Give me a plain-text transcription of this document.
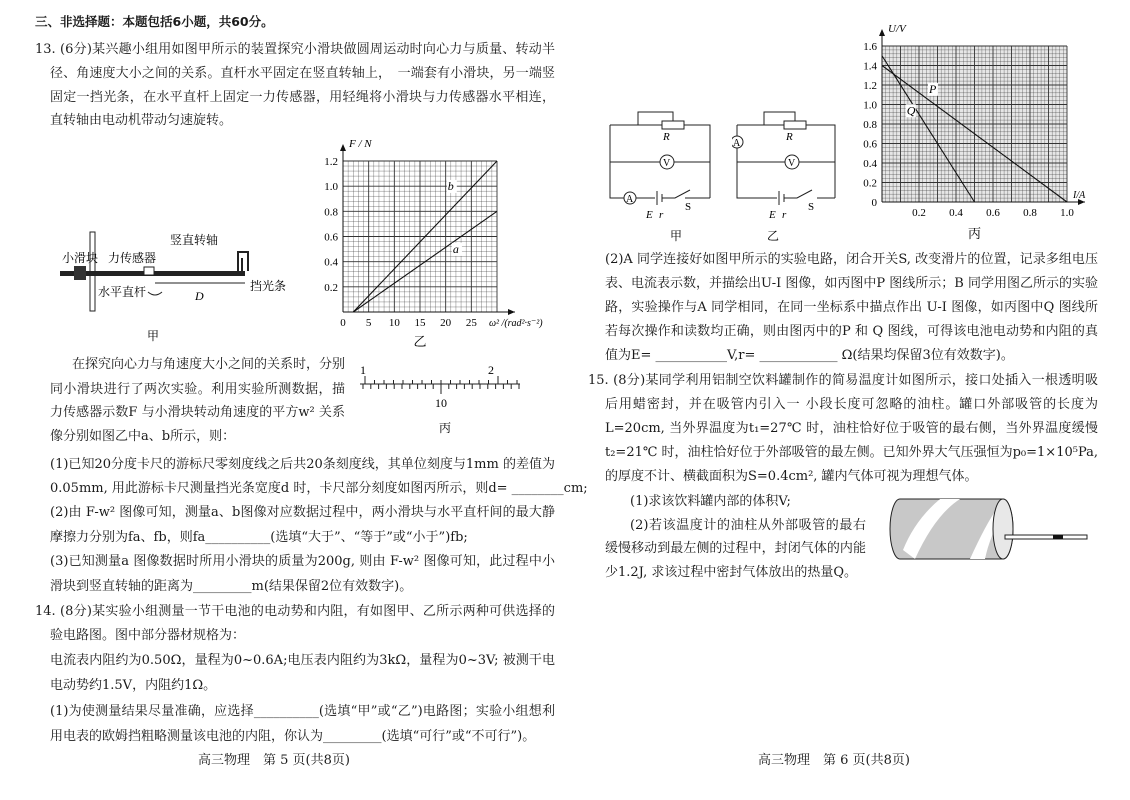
三、非选择题：本题包括6小题，共60分。
13. (6分)某兴趣小组用如图甲所示的装置探究小滑块做圆周运动时向心力与质量、转动半
径、角速度大小之间的关系。直杆水平固定在竖直转轴上，　一端套有小滑块，另一端竖
固定一挡光条，在水平直杆上固定一力传感器，用轻绳将小滑块与力传感器水平相连，
直转轴由电动机带动匀速旋转。
小滑块 力传感器
竖直转轴
挡光条
水平直杆	D
甲
b
a
0.2
0.4
0.6
0.8
1.0
1.2
0 5 10 15 20 25
F / N
ω² /(rad²·s⁻²)
乙
在探究向心力与角速度大小之间的关系时，分别
同小滑块进行了两次实验。利用实验所测数据，描
力传感器示数F 与小滑块转动角速度的平方w² 关系
像分别如图乙中a、b所示，则：
1	2
10
丙
(1)已知20分度卡尺的游标尺零刻度线之后共20条刻度线，其单位刻度与1mm 的差值为
0.05mm, 用此游标卡尺测量挡光条宽度d 时，卡尺部分刻度如图丙所示，则d= ________cm;
(2)由 F-w² 图像可知，测量a、b图像对应数据过程中，两小滑块与水平直杆间的最大静
摩擦力分别为fa、fb，则fa__________(选填“大于”、“等于”或“小于”)fb;
(3)已知测量a 图像数据时所用小滑块的质量为200g, 则由 F-w² 图像可知，此过程中小
滑块到竖直转轴的距离为_________m(结果保留2位有效数字)。
14. (8分)某实验小组测量一节干电池的电动势和内阻，有如图甲、乙所示两种可供选择的
验电路图。图中部分器材规格为：
电流表内阻约为0.50Ω，量程为0~0.6A;电压表内阻约为3kΩ，量程为0~3V; 被测干电
电动势约1.5V，内阻约1Ω。
(1)为使测量结果尽量准确，应选择__________(选填“甲”或“乙”)电路图；实验小组想利
用电表的欧姆挡粗略测量该电池的内阻，你认为_________(选填“可行”或“不可行”)。
高三物理　第 5 页(共8页)
R
V
A
E r
S
甲
R
V
A
E r
S
乙
P
Q
0
0.2
0.4
0.6
0.8
1.0
1.2
1.4
1.6
0.2 0.4 0.6 0.8 1.0
U/V
I/A
丙
(2)A 同学连接好如图甲所示的实验电路，闭合开关S, 改变滑片的位置，记录多组电压
表、电流表示数，并描绘出U-I 图像，如丙图中P 图线所示；B 同学用图乙所示的实验
路，实验操作与A 同学相同，在同一坐标系中描点作出 U-I 图像，如丙图中Q 图线所
若每次操作和读数均正确，则由图丙中的P 和 Q 图线，可得该电池电动势和内阻的真
值为E= ___________V,r= ____________ Ω(结果均保留3位有效数字)。
15. (8分)某同学利用铝制空饮料罐制作的简易温度计如图所示，接口处插入一根透明吸
后用蜡密封，并在吸管内引入一 小段长度可忽略的油柱。罐口外部吸管的长度为
L=20cm, 当外界温度为t₁=27℃ 时，油柱恰好位于吸管的最右侧，当外界温度缓慢
t₂=21℃ 时，油柱恰好位于外部吸管的最左侧。已知外界大气压强恒为p₀=1×10⁵Pa,
的厚度不计、横截面积为S=0.4cm², 罐内气体可视为理想气体。
(1)求该饮料罐内部的体积V;
(2)若该温度计的油柱从外部吸管的最右
缓慢移动到最左侧的过程中，封闭气体的内能
少1.2J, 求该过程中密封气体放出的热量Q。
高三物理　第 6 页(共8页)
